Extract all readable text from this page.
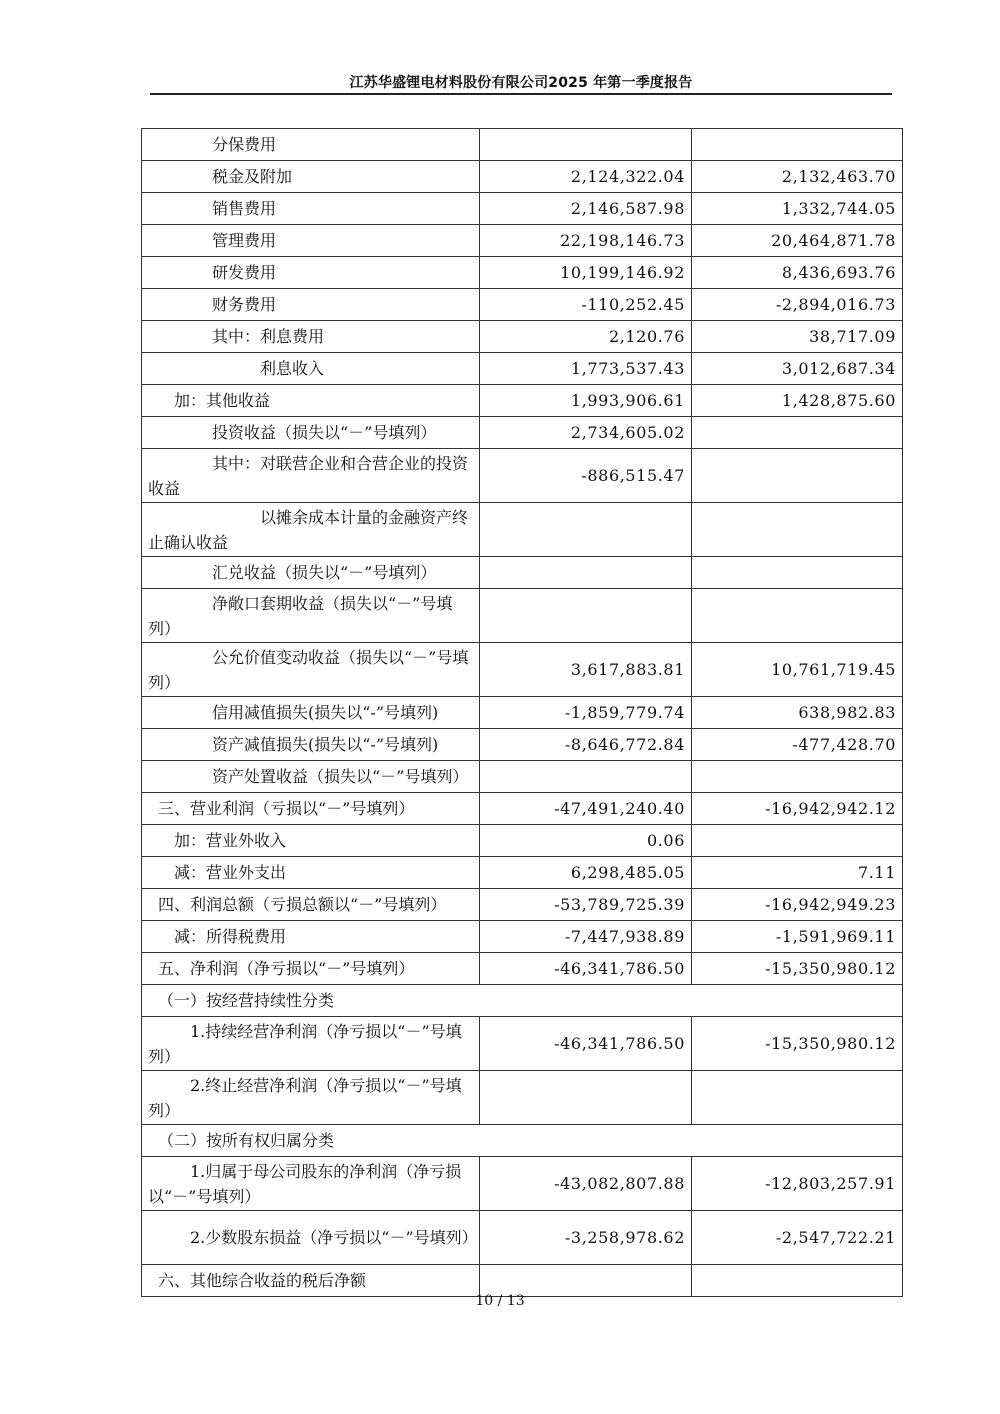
江苏华盛锂电材料股份有限公司2025 年第一季度报告
分保费用		
税金及附加	2,124,322.04	2,132,463.70
销售费用	2,146,587.98	1,332,744.05
管理费用	22,198,146.73	20,464,871.78
研发费用	10,199,146.92	8,436,693.76
财务费用	-110,252.45	-2,894,016.73
其中：利息费用	2,120.76	38,717.09
利息收入	1,773,537.43	3,012,687.34
加：其他收益	1,993,906.61	1,428,875.60
投资收益（损失以“－”号填列）	2,734,605.02	
其中：对联营企业和合营企业的投资收益	-886,515.47	
以摊余成本计量的金融资产终止确认收益		
汇兑收益（损失以“－”号填列）		
净敞口套期收益（损失以“－”号填列）		
公允价值变动收益（损失以“－”号填列）	3,617,883.81	10,761,719.45
信用减值损失(损失以“-”号填列)	-1,859,779.74	638,982.83
资产减值损失(损失以“-”号填列)	-8,646,772.84	-477,428.70
资产处置收益（损失以“－”号填列）		
三、营业利润（亏损以“－”号填列）	-47,491,240.40	-16,942,942.12
加：营业外收入	0.06	
减：营业外支出	6,298,485.05	7.11
四、利润总额（亏损总额以“－”号填列）	-53,789,725.39	-16,942,949.23
减：所得税费用	-7,447,938.89	-1,591,969.11
五、净利润（净亏损以“－”号填列）	-46,341,786.50	-15,350,980.12
（一）按经营持续性分类		
1.持续经营净利润（净亏损以“－”号填列）	-46,341,786.50	-15,350,980.12
2.终止经营净利润（净亏损以“－”号填列）		
（二）按所有权归属分类		
1.归属于母公司股东的净利润（净亏损以“－”号填列）	-43,082,807.88	-12,803,257.91
2.少数股东损益（净亏损以“－”号填列）	-3,258,978.62	-2,547,722.21
六、其他综合收益的税后净额		
10 / 13
